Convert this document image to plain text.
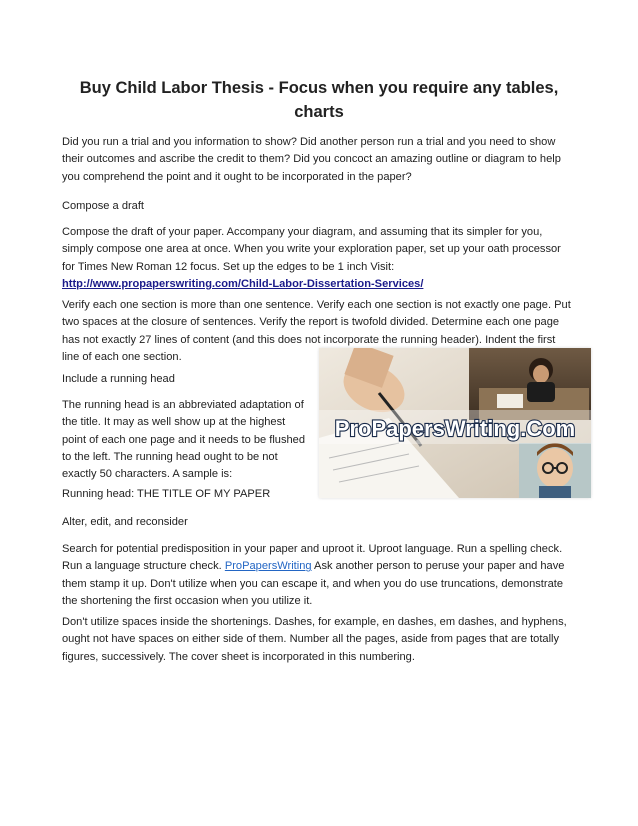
Buy Child Labor Thesis - Focus when you require any tables, charts

Did you run a trial and you information to show? Did another person run a trial and you need to show their outcomes and ascribe the credit to them? Did you concoct an amazing outline or diagram to help you comprehend the point and it ought to be incorporated in the paper?

Compose a draft

Compose the draft of your paper. Accompany your diagram, and assuming that its simpler for you, simply compose one area at once. When you write your exploration paper, set up your oath processor for Times New Roman 12 focus. Set up the edges to be 1 inch Visit:
http://www.propaperswriting.com/Child-Labor-Dissertation-Services/

Verify each one section is more than one sentence. Verify each one section is not exactly one page. Put
two spaces at the closure of sentences. Verify the report is twofold divided. Determine each one page
has not exactly 27 lines of content (and this does not incorporate the running header). Indent the first
line of each one section.

Include a running head

The running head is an abbreviated adaptation of the title. It may as well show up at the highest point of each one page and it needs to be flushed to the left. The running head ought to be not exactly 50 characters. A sample is:

Running head: THE TITLE OF MY PAPER

Alter, edit, and reconsider

Search for potential predisposition in your paper and uproot it. Uproot language. Run a spelling check. Run a language structure check. ProPapersWriting Ask another person to peruse your paper and have them stamp it up. Don't utilize when you can escape it, and when you do use truncations, demonstrate the shortening the first occasion when you utilize it.

Don't utilize spaces inside the shortenings. Dashes, for example, en dashes, em dashes, and hyphens, ought not have spaces on either side of them. Number all the pages, aside from pages that are totally figures, successively. The cover sheet is incorporated in this numbering.

ProPapersWriting.Com
